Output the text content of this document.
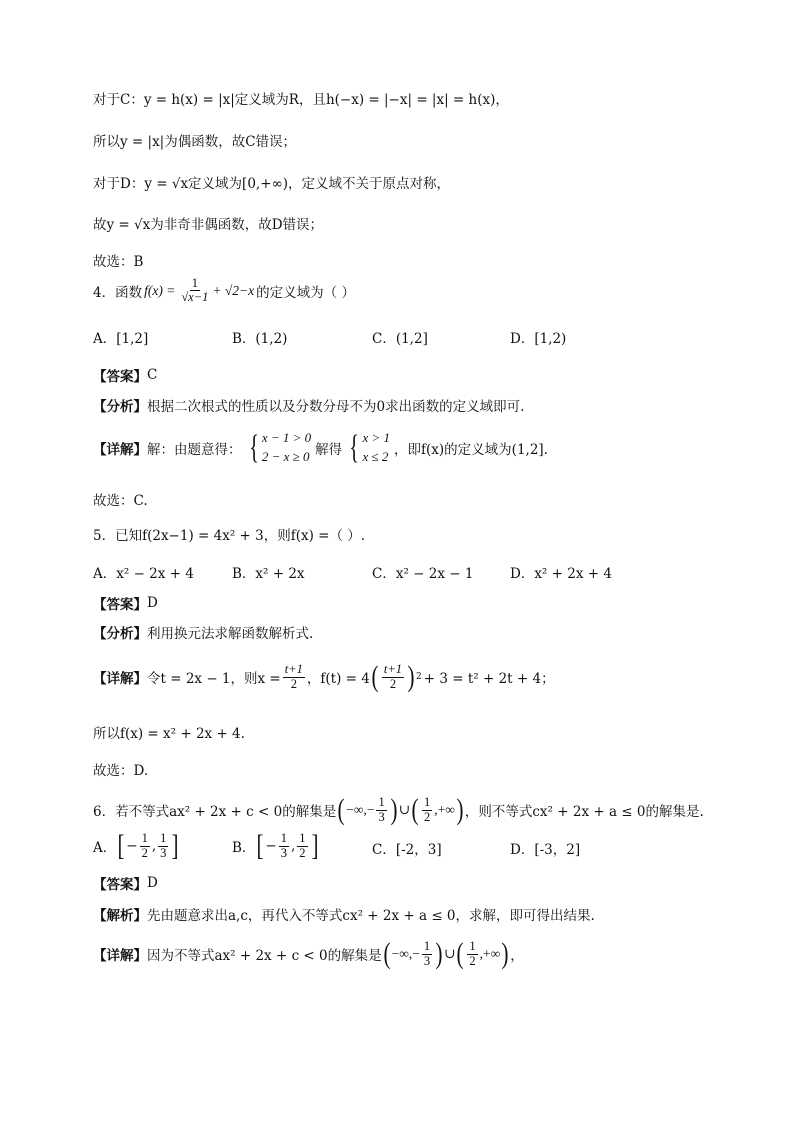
对于C：y = h(x) = |x|定义域为R，且h(−x) = |−x| = |x| = h(x)，
所以y = |x|为偶函数，故C错误；
对于D：y = √x定义域为[0,+∞)，定义域不关于原点对称，
故y = √x为非奇非偶函数，故D错误；
故选：B
4．函数 $f(x) = \frac{1}{√x-1} + √2-x$ 的定义域为（ ）
A．[1,2]	B．(1,2)	C．(1,2]	D．[1,2)
【答案】 C
【分析】 根据二次根式的性质以及分数分母不为0求出函数的定义域即可.
【详解】 解：由题意得： { x − 1 > 0
2 − x ≥ 0 解得 { x > 1
x ≤ 2 ，即f(x)的定义域为(1,2].
故选：C.
5．已知f(2x−1) = 4x² + 3，则f(x) =（ ）.
A．x² − 2x + 4	B．x² + 2x	C．x² − 2x − 1	D．x² + 2x + 4
【答案】 D
【分析】 利用换元法求解函数解析式.
【详解】 令t = 2x − 1，则$x = \frac{t+1}{2}$ ，f(t) = 4 ( $\frac{t+1}{2}$ ) 2 + 3 = t² + 2t + 4；
所以f(x) = x² + 2x + 4.
故选：D.
6．若不等式ax² + 2x + c < 0的解集是 ( −∞,− $\frac{1}{3}$ ) ∪ ( $\frac{1}{2}$ ,+∞ ) ，则不等式cx² + 2x + a ≤ 0的解集是.
A． [ − $\frac{1}{2}$ , $\frac{1}{3}$ ]	B． [ − $\frac{1}{3}$ , $\frac{1}{2}$ ]	C．[-2，3]	D．[-3，2]
【答案】 D
【解析】 先由题意求出a,c，再代入不等式cx² + 2x + a ≤ 0，求解，即可得出结果.
【详解】 因为不等式ax² + 2x + c < 0的解集是 ( −∞,− $\frac{1}{3}$ ) ∪ ( $\frac{1}{2}$ ,+∞ ) ，
